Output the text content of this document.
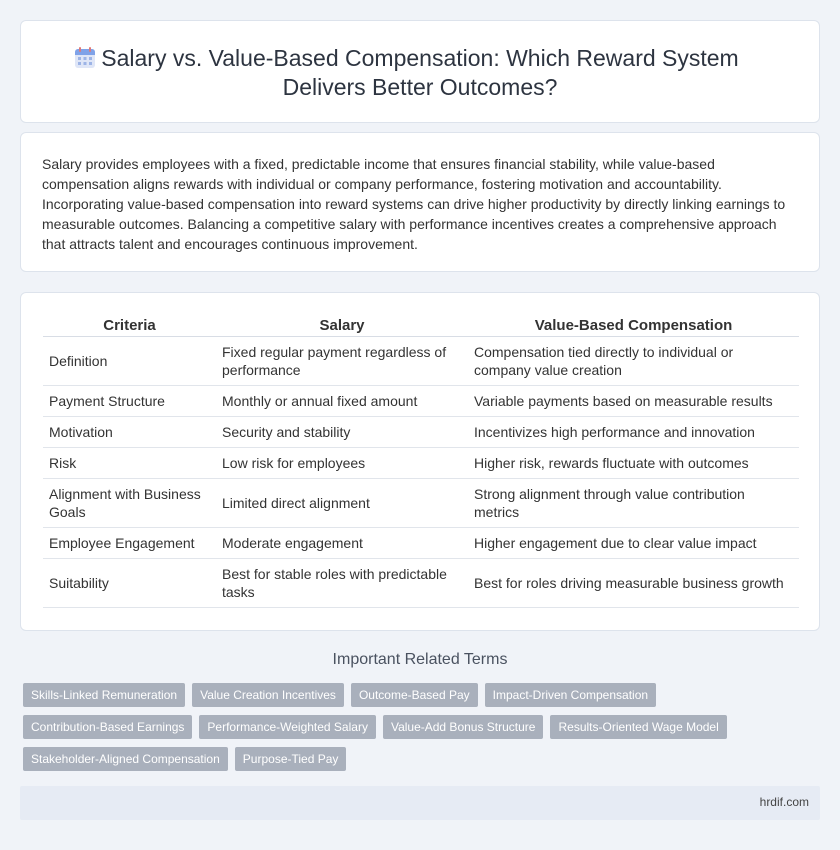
Salary vs. Value-Based Compensation: Which Reward System Delivers Better Outcomes?

Salary provides employees with a fixed, predictable income that ensures financial stability, while value-based compensation aligns rewards with individual or company performance, fostering motivation and accountability. Incorporating value-based compensation into reward systems can drive higher productivity by directly linking earnings to measurable outcomes. Balancing a competitive salary with performance incentives creates a comprehensive approach that attracts talent and encourages continuous improvement.

Criteria	Salary	Value-Based Compensation
Definition	Fixed regular payment regardless of performance	Compensation tied directly to individual or company value creation
Payment Structure	Monthly or annual fixed amount	Variable payments based on measurable results
Motivation	Security and stability	Incentivizes high performance and innovation
Risk	Low risk for employees	Higher risk, rewards fluctuate with outcomes
Alignment with Business Goals	Limited direct alignment	Strong alignment through value contribution metrics
Employee Engagement	Moderate engagement	Higher engagement due to clear value impact
Suitability	Best for stable roles with predictable tasks	Best for roles driving measurable business growth
Important Related Terms
Skills-Linked Remuneration	Value Creation Incentives	Outcome-Based Pay	Impact-Driven Compensation
Contribution-Based Earnings	Performance-Weighted Salary	Value-Add Bonus Structure	Results-Oriented Wage Model
Stakeholder-Aligned Compensation	Purpose-Tied Pay
hrdif.com
